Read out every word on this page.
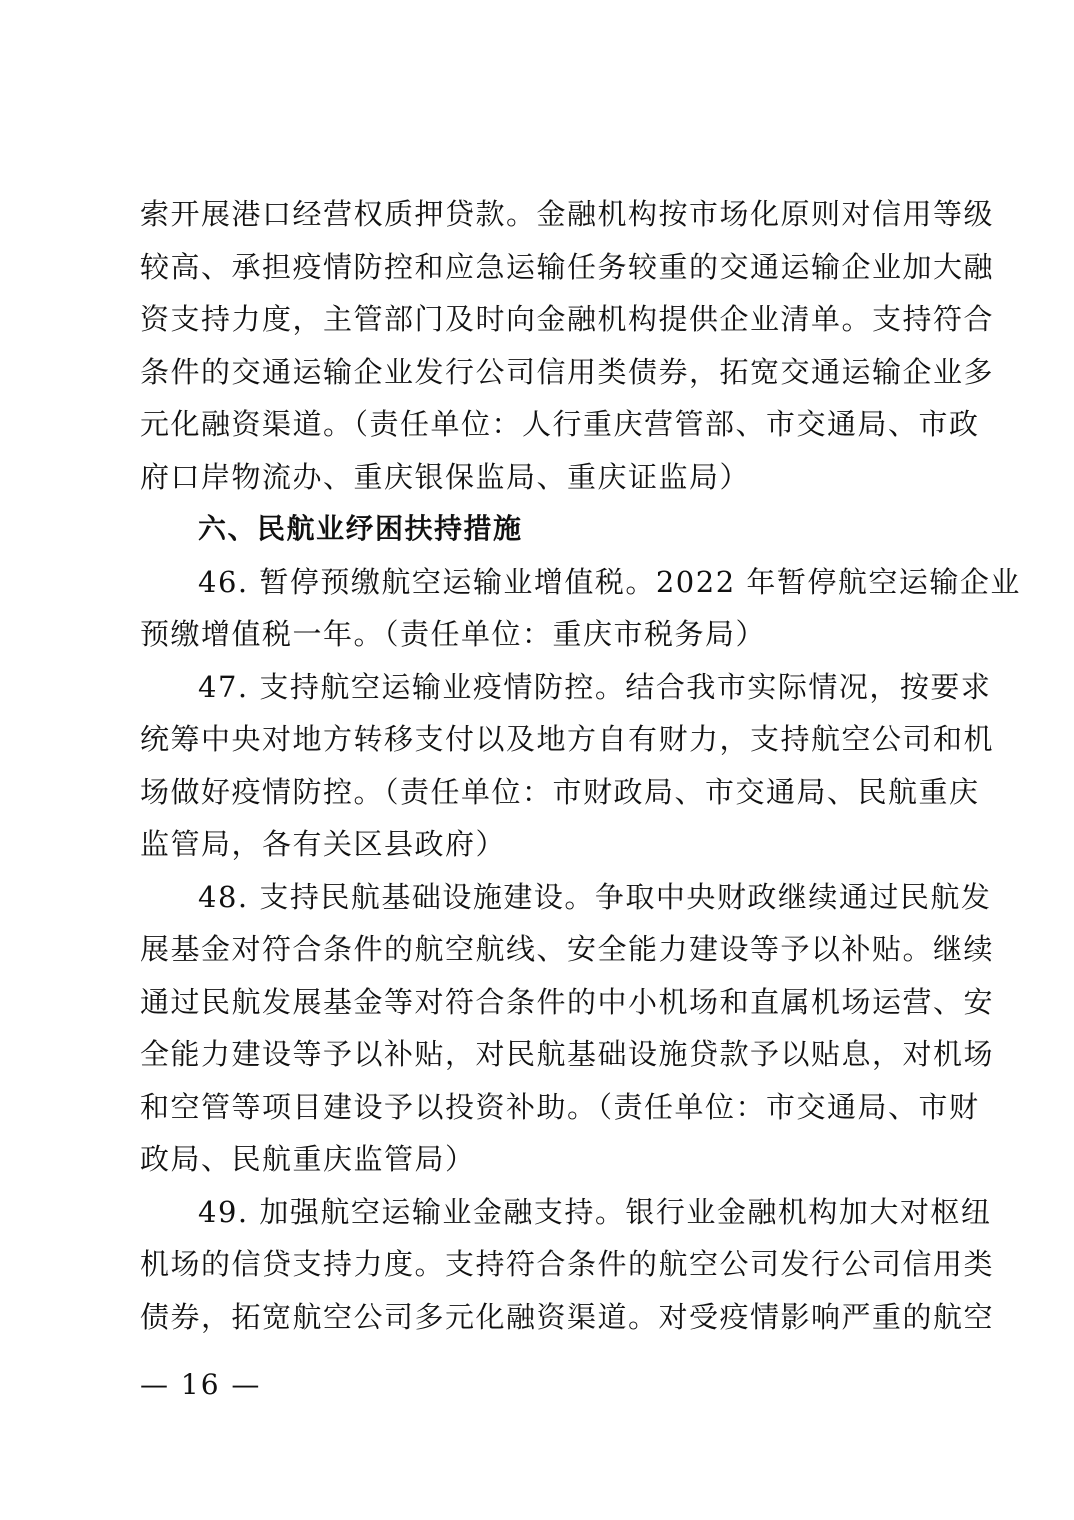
索开展港口经营权质押贷款。金融机构按市场化原则对信用等级
较高、承担疫情防控和应急运输任务较重的交通运输企业加大融
资支持力度，主管部门及时向金融机构提供企业清单。支持符合
条件的交通运输企业发行公司信用类债券，拓宽交通运输企业多
元化融资渠道。（责任单位：人行重庆营管部、市交通局、市政
府口岸物流办、重庆银保监局、重庆证监局）

六、民航业纾困扶持措施

46. 暂停预缴航空运输业增值税。2022 年暂停航空运输企业
预缴增值税一年。（责任单位：重庆市税务局）

47. 支持航空运输业疫情防控。结合我市实际情况，按要求
统筹中央对地方转移支付以及地方自有财力，支持航空公司和机
场做好疫情防控。（责任单位：市财政局、市交通局、民航重庆
监管局，各有关区县政府）

48. 支持民航基础设施建设。争取中央财政继续通过民航发
展基金对符合条件的航空航线、安全能力建设等予以补贴。继续
通过民航发展基金等对符合条件的中小机场和直属机场运营、安
全能力建设等予以补贴，对民航基础设施贷款予以贴息，对机场
和空管等项目建设予以投资补助。（责任单位：市交通局、市财
政局、民航重庆监管局）

49. 加强航空运输业金融支持。银行业金融机构加大对枢纽
机场的信贷支持力度。支持符合条件的航空公司发行公司信用类
债券，拓宽航空公司多元化融资渠道。对受疫情影响严重的航空

— 16 —
